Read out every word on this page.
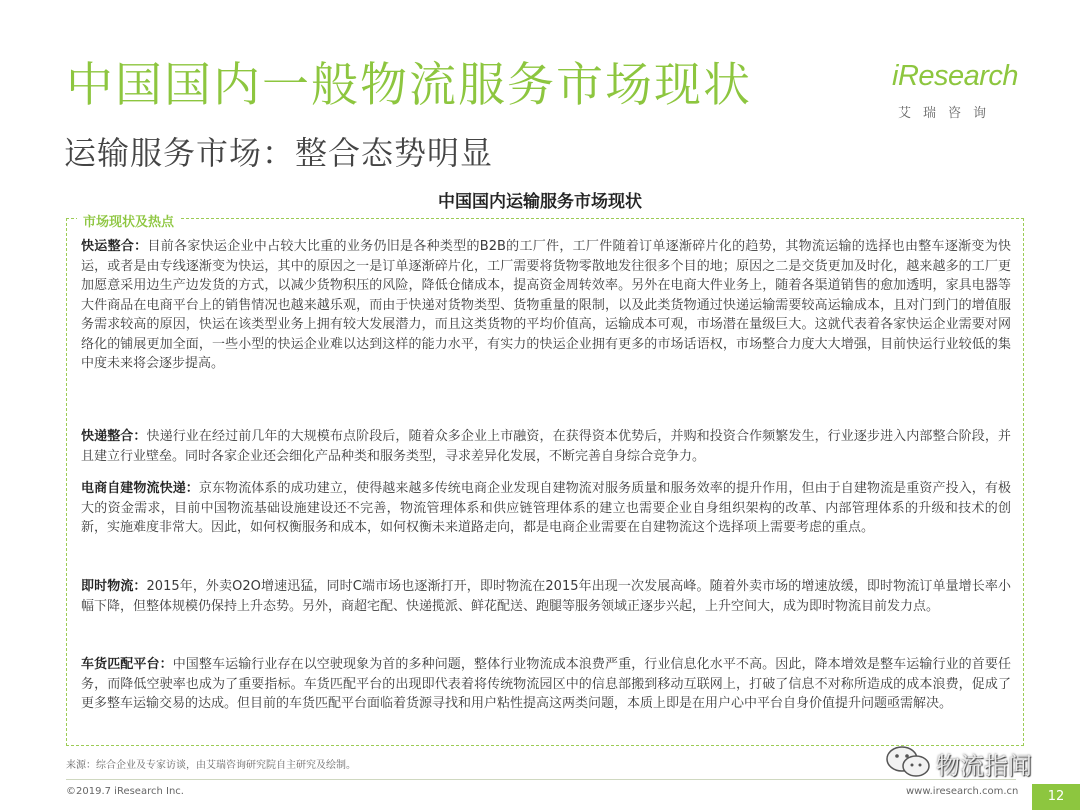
中国国内一般物流服务市场现状
运输服务市场：整合态势明显
iResearch
艾瑞咨询
中国国内运输服务市场现状
市场现状及热点

快运整合：目前各家快运企业中占较大比重的业务仍旧是各种类型的B2B的工厂件，工厂件随着订单逐渐碎片化的趋势，其物流运输的选择也由整车逐渐变为快运，或者是由专线逐渐变为快运，其中的原因之一是订单逐渐碎片化，工厂需要将货物零散地发往很多个目的地；原因之二是交货更加及时化，越来越多的工厂更加愿意采用边生产边发货的方式，以减少货物积压的风险，降低仓储成本，提高资金周转效率。另外在电商大件业务上，随着各渠道销售的愈加透明，家具电器等大件商品在电商平台上的销售情况也越来越乐观，而由于快递对货物类型、货物重量的限制，以及此类货物通过快递运输需要较高运输成本，且对门到门的增值服务需求较高的原因，快运在该类型业务上拥有较大发展潜力，而且这类货物的平均价值高，运输成本可观，市场潜在量级巨大。这就代表着各家快运企业需要对网络化的铺展更加全面，一些小型的快运企业难以达到这样的能力水平，有实力的快运企业拥有更多的市场话语权，市场整合力度大大增强，目前快运行业较低的集中度未来将会逐步提高。

快递整合：快递行业在经过前几年的大规模布点阶段后，随着众多企业上市融资，在获得资本优势后，并购和投资合作频繁发生，行业逐步进入内部整合阶段，并且建立行业壁垒。同时各家企业还会细化产品种类和服务类型，寻求差异化发展，不断完善自身综合竞争力。

电商自建物流快递：京东物流体系的成功建立，使得越来越多传统电商企业发现自建物流对服务质量和服务效率的提升作用，但由于自建物流是重资产投入，有极大的资金需求，目前中国物流基础设施建设还不完善，物流管理体系和供应链管理体系的建立也需要企业自身组织架构的改革、内部管理体系的升级和技术的创新，实施难度非常大。因此，如何权衡服务和成本，如何权衡未来道路走向，都是电商企业需要在自建物流这个选择项上需要考虑的重点。

即时物流：2015年，外卖O2O增速迅猛，同时C端市场也逐渐打开，即时物流在2015年出现一次发展高峰。随着外卖市场的增速放缓，即时物流订单量增长率小幅下降，但整体规模仍保持上升态势。另外，商超宅配、快递揽派、鲜花配送、跑腿等服务领域正逐步兴起，上升空间大，成为即时物流目前发力点。

车货匹配平台：中国整车运输行业存在以空驶现象为首的多种问题，整体行业物流成本浪费严重，行业信息化水平不高。因此，降本增效是整车运输行业的首要任务，而降低空驶率也成为了重要指标。车货匹配平台的出现即代表着将传统物流园区中的信息部搬到移动互联网上，打破了信息不对称所造成的成本浪费，促成了更多整车运输交易的达成。但目前的车货匹配平台面临着货源寻找和用户粘性提高这两类问题，本质上即是在用户心中平台自身价值提升问题亟需解决。

来源：综合企业及专家访谈，由艾瑞咨询研究院自主研究及绘制。
©2019.7 iResearch Inc.	www.iresearch.com.cn	12
物流指闻
